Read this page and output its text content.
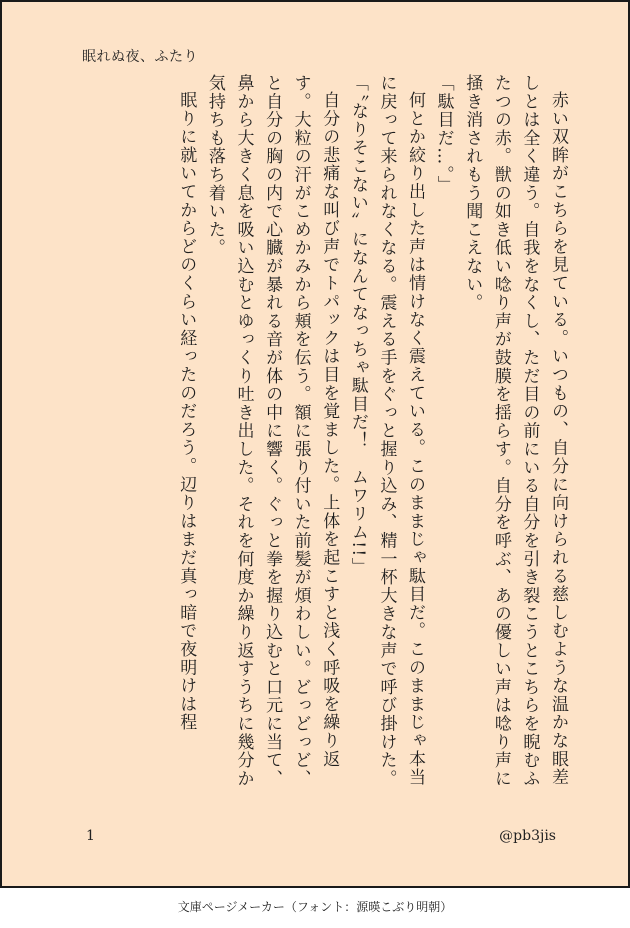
眠れぬ夜、ふたり

赤い双眸がこちらを見ている。いつもの、自分に向けられる慈しむような温かな眼差しとは全く違う。自我をなくし、ただ目の前にいる自分を引き裂こうとこちらを睨むふたつの赤。獣の如き低い唸り声が鼓膜を揺らす。自分を呼ぶ、あの優しい声は唸り声に掻き消されもう聞こえない。

「駄目だ…。」

何とか絞り出した声は情けなく震えている。このままじゃ駄目だ。このままじゃ本当に戻って来られなくなる。震える手をぐっと握り込み、精一杯大きな声で呼び掛けた。

「〝なりそこない〟になんてなっちゃ駄目だ！　ムワリム!!」

自分の悲痛な叫び声でトパックは目を覚ました。上体を起こすと浅く呼吸を繰り返す。大粒の汗がこめかみから頬を伝う。額に張り付いた前髪が煩わしい。どっどっど、と自分の胸の内で心臓が暴れる音が体の中に響く。ぐっと拳を握り込むと口元に当て、鼻から大きく息を吸い込むとゆっくり吐き出した。それを何度か繰り返すうちに幾分か気持ちも落ち着いた。

眠りに就いてからどのくらい経ったのだろう。辺りはまだ真っ暗で夜明けは程

1	@pb3jis
文庫ページメーカー（フォント：源暎こぶり明朝）
